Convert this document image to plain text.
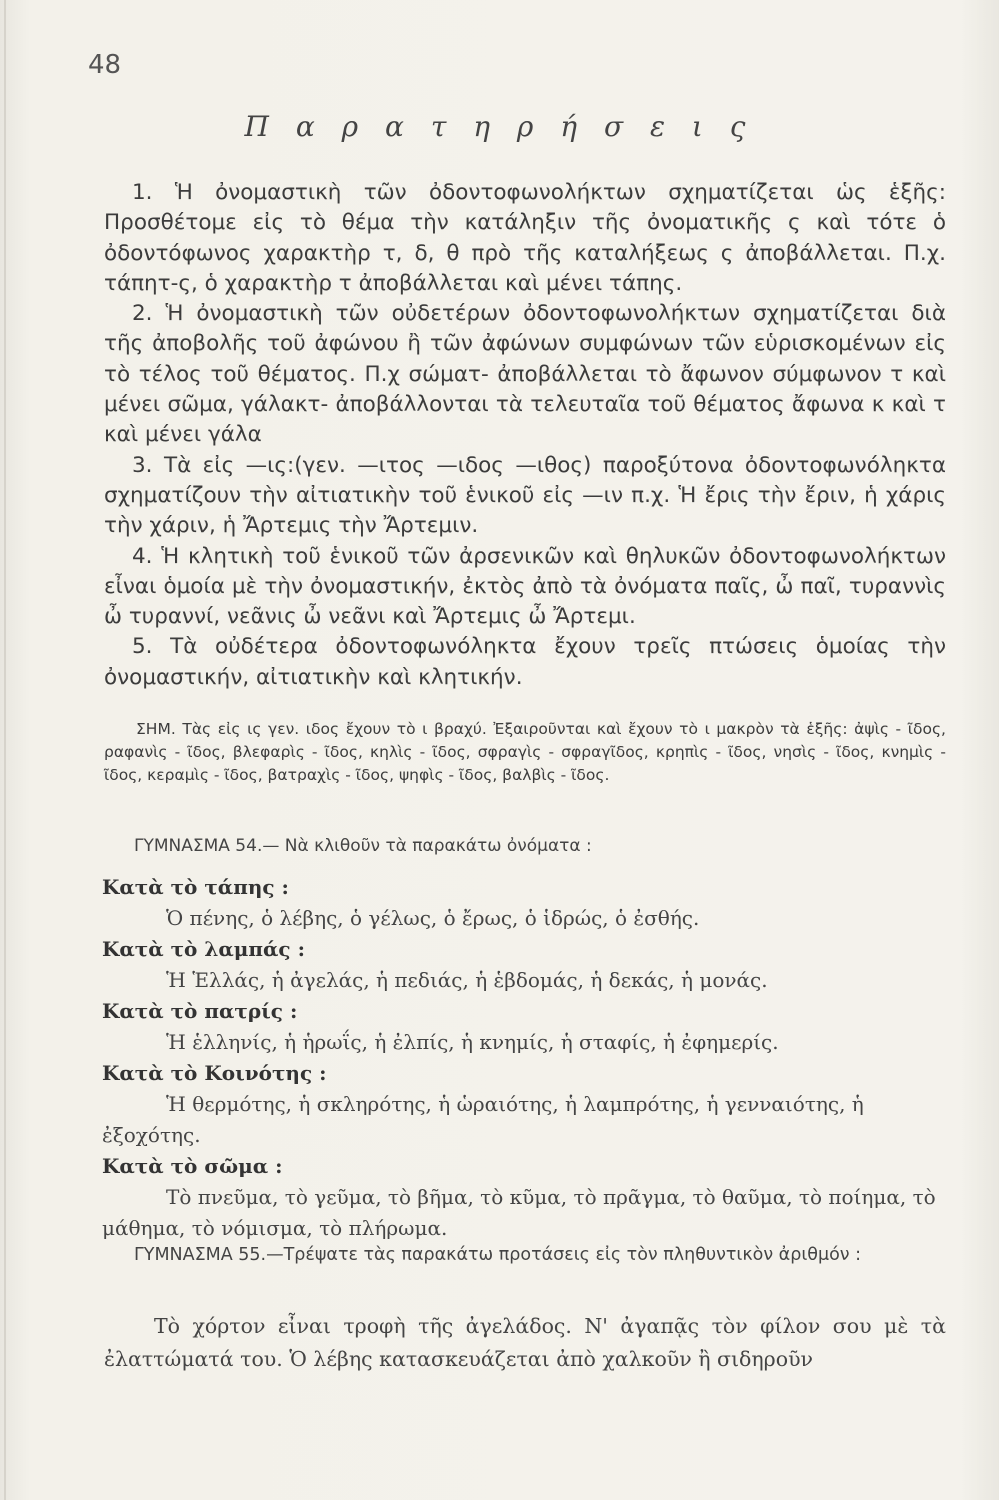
48
Π α ρ α τ η ρ ή σ ε ι ς

1. Ἡ ὀνομαστικὴ τῶν ὀδοντοφωνολήκτων σχηματίζεται ὡς ἑξῆς: Προσθέτομε εἰς τὸ θέμα τὴν κατάληξιν τῆς ὀνοματικῆς ς καὶ τότε ὁ ὀδοντόφωνος χαρακτὴρ τ, δ, θ πρὸ τῆς καταλήξεως ς ἀποβάλλεται. Π.χ. τάπητ-ς, ὁ χαρακτὴρ τ ἀποβάλλεται καὶ μένει τάπης.

2. Ἡ ὀνομαστικὴ τῶν οὐδετέρων ὀδοντοφωνολήκτων σχηματίζεται διὰ τῆς ἀποβολῆς τοῦ ἀφώνου ἢ τῶν ἀφώνων συμφώνων τῶν εὑρισκομένων εἰς τὸ τέλος τοῦ θέματος. Π.χ σώματ- ἀποβάλλεται τὸ ἄφωνον σύμφωνον τ καὶ μένει σῶμα, γάλακτ- ἀποβάλλονται τὰ τελευταῖα τοῦ θέματος ἄφωνα κ καὶ τ καὶ μένει γάλα

3. Τὰ εἰς —ις:(γεν. —ιτος —ιδος —ιθος) παροξύτονα ὀδοντοφωνόληκτα σχηματίζουν τὴν αἰτιατικὴν τοῦ ἑνικοῦ εἰς —ιν π.χ. Ἡ ἔρις τὴν ἔριν, ἡ χάρις τὴν χάριν, ἡ Ἄρτεμις τὴν Ἄρτεμιν.

4. Ἡ κλητικὴ τοῦ ἑνικοῦ τῶν ἀρσενικῶν καὶ θηλυκῶν ὀδοντοφωνολήκτων εἶναι ὁμοία μὲ τὴν ὀνομαστικήν, ἐκτὸς ἀπὸ τὰ ὀνόματα παῖς, ὦ παῖ, τυραννὶς ὦ τυραννί, νεᾶνις ὦ νεᾶνι καὶ Ἄρτεμις ὦ Ἄρτεμι.

5. Τὰ οὐδέτερα ὀδοντοφωνόληκτα ἔχουν τρεῖς πτώσεις ὁμοίας τὴν ὀνομαστικήν, αἰτιατικὴν καὶ κλητικήν.

ΣΗΜ. Τὰς εἰς ις γεν. ιδος ἔχουν τὸ ι βραχύ. Ἐξαιροῦνται καὶ ἔχουν τὸ ι μακρὸν τὰ ἑξῆς: ἀψὶς - ῖδος, ραφανὶς - ῖδος, βλεφαρὶς - ῖδος, κηλὶς - ῖδος, σφραγὶς - σφραγῖδος, κρηπὶς - ῖδος, νησὶς - ῖδος, κνημὶς - ῖδος, κεραμὶς - ῖδος, βατραχὶς - ῖδος, ψηφὶς - ῖδος, βαλβὶς - ῖδος.

ΓΥΜΝΑΣΜΑ 54.— Νὰ κλιθοῦν τὰ παρακάτω ὀνόματα :

Κατὰ τὸ τάπης :

Ὁ πένης, ὁ λέβης, ὁ γέλως, ὁ ἔρως, ὁ ἱδρώς, ὁ ἐσθής.

Κατὰ τὸ λαμπάς :

Ἡ Ἑλλάς, ἡ ἀγελάς, ἡ πεδιάς, ἡ ἑβδομάς, ἡ δεκάς, ἡ μονάς.

Κατὰ τὸ πατρίς :

Ἡ ἑλληνίς, ἡ ἡρωΐς, ἡ ἐλπίς, ἡ κνημίς, ἡ σταφίς, ἡ ἐφημερίς.

Κατὰ τὸ Κοινότης :

Ἡ θερμότης, ἡ σκληρότης, ἡ ὡραιότης, ἡ λαμπρότης, ἡ γενναιότης, ἡ ἐξοχότης.

Κατὰ τὸ σῶμα :

Τὸ πνεῦμα, τὸ γεῦμα, τὸ βῆμα, τὸ κῦμα, τὸ πρᾶγμα, τὸ θαῦμα, τὸ ποίημα, τὸ μάθημα, τὸ νόμισμα, τὸ πλήρωμα.

ΓΥΜΝΑΣΜΑ 55.—Τρέψατε τὰς παρακάτω προτάσεις εἰς τὸν πληθυντικὸν ἀριθμόν :
Τὸ χόρτον εἶναι τροφὴ τῆς ἀγελάδος. Ν' ἀγαπᾷς τὸν φίλον σου μὲ τὰ ἐλαττώματά του. Ὁ λέβης κατασκευάζεται ἀπὸ χαλκοῦν ἢ σιδηροῦν
